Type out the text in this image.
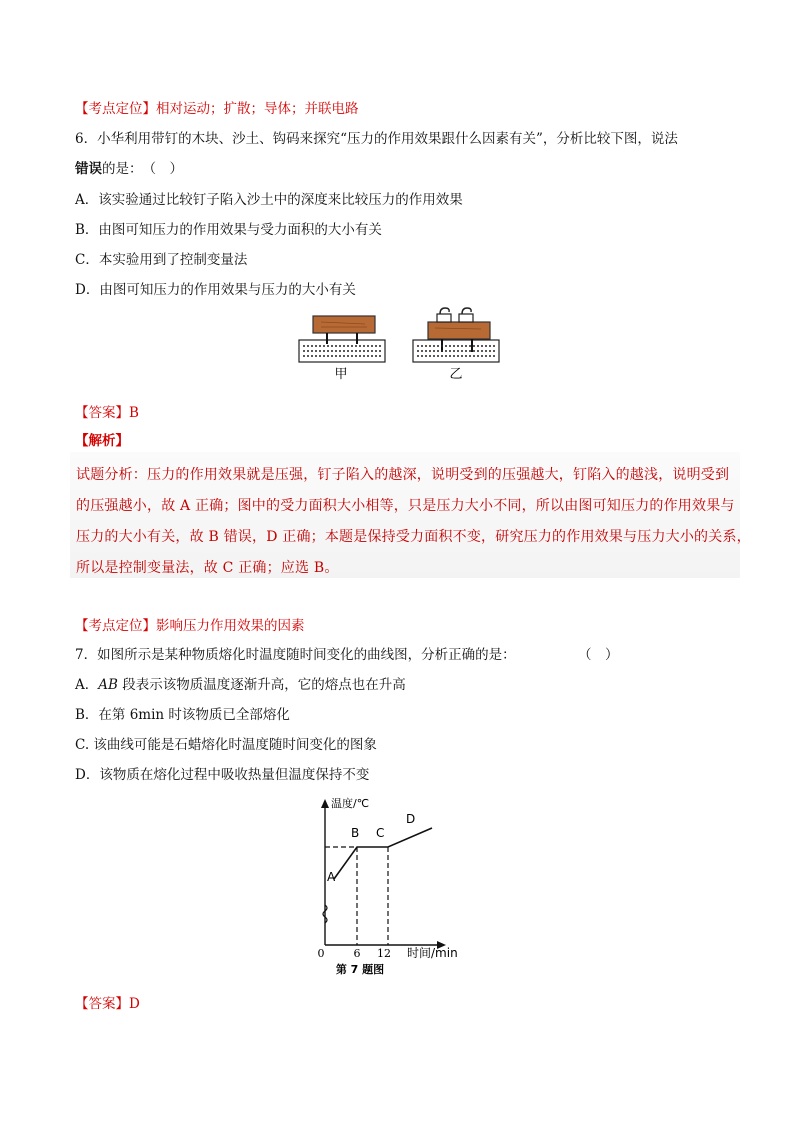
【考点定位】相对运动；扩散；导体；并联电路
6．小华利用带钉的木块、沙土、钩码来探究“压力的作用效果跟什么因素有关”，分析比较下图，说法
错误的是：　（　）
A．该实验通过比较钉子陷入沙土中的深度来比较压力的作用效果
B．由图可知压力的作用效果与受力面积的大小有关
C．本实验用到了控制变量法
D．由图可知压力的作用效果与压力的大小有关
甲	乙
【答案】B
【解析】
试题分析：压力的作用效果就是压强，钉子陷入的越深，说明受到的压强越大，钉陷入的越浅，说明受到
的压强越小，故 A 正确；图中的受力面积大小相等，只是压力大小不同，所以由图可知压力的作用效果与
压力的大小有关，故 B 错误，D 正确；本题是保持受力面积不变，研究压力的作用效果与压力大小的关系，
所以是控制变量法，故 C 正确；应选 B。
【考点定位】影响压力作用效果的因素
7．如图所示是某种物质熔化时温度随时间变化的曲线图，分析正确的是：	（　）
A．AB 段表示该物质温度逐渐升高，它的熔点也在升高
B．在第 6min 时该物质已全部熔化
C. 该曲线可能是石蜡熔化时温度随时间变化的图象
D．该物质在熔化过程中吸收热量但温度保持不变
温度/℃
0	6 12 时间/min
A
B C
D
第 7 题图
【答案】D
